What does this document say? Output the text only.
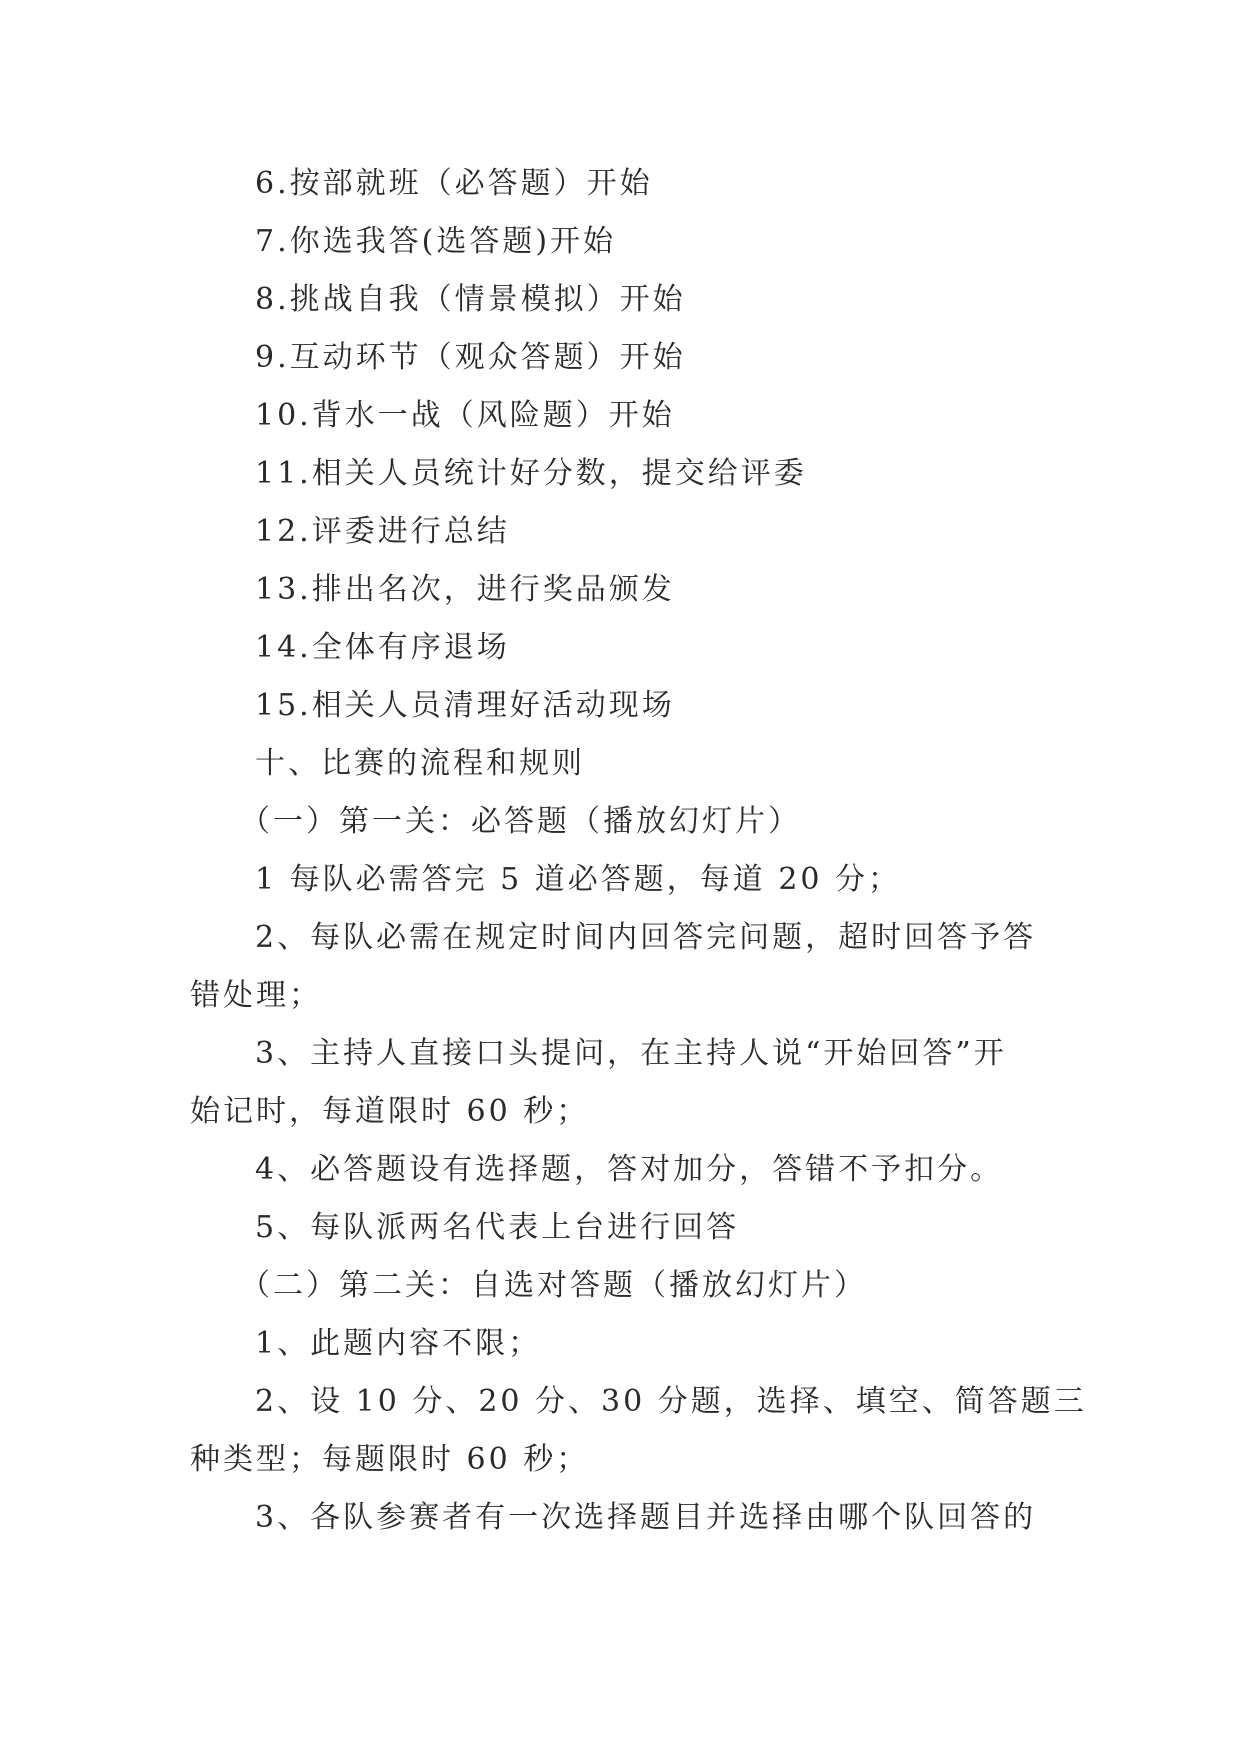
6.按部就班（必答题）开始
7.你选我答(选答题)开始
8.挑战自我（情景模拟）开始
9.互动环节（观众答题）开始
10.背水一战（风险题）开始
11.相关人员统计好分数，提交给评委
12.评委进行总结
13.排出名次，进行奖品颁发
14.全体有序退场
15.相关人员清理好活动现场
十、比赛的流程和规则
（一）第一关：必答题（播放幻灯片）
1 每队必需答完 5 道必答题，每道 20 分；
2、每队必需在规定时间内回答完问题，超时回答予答
错处理；
3、主持人直接口头提问，在主持人说“开始回答”开
始记时，每道限时 60 秒；
4、必答题设有选择题，答对加分，答错不予扣分。
5、每队派两名代表上台进行回答
（二）第二关：自选对答题（播放幻灯片）
1、此题内容不限；
2、设 10 分、20 分、30 分题，选择、填空、简答题三
种类型；每题限时 60 秒；
3、各队参赛者有一次选择题目并选择由哪个队回答的
